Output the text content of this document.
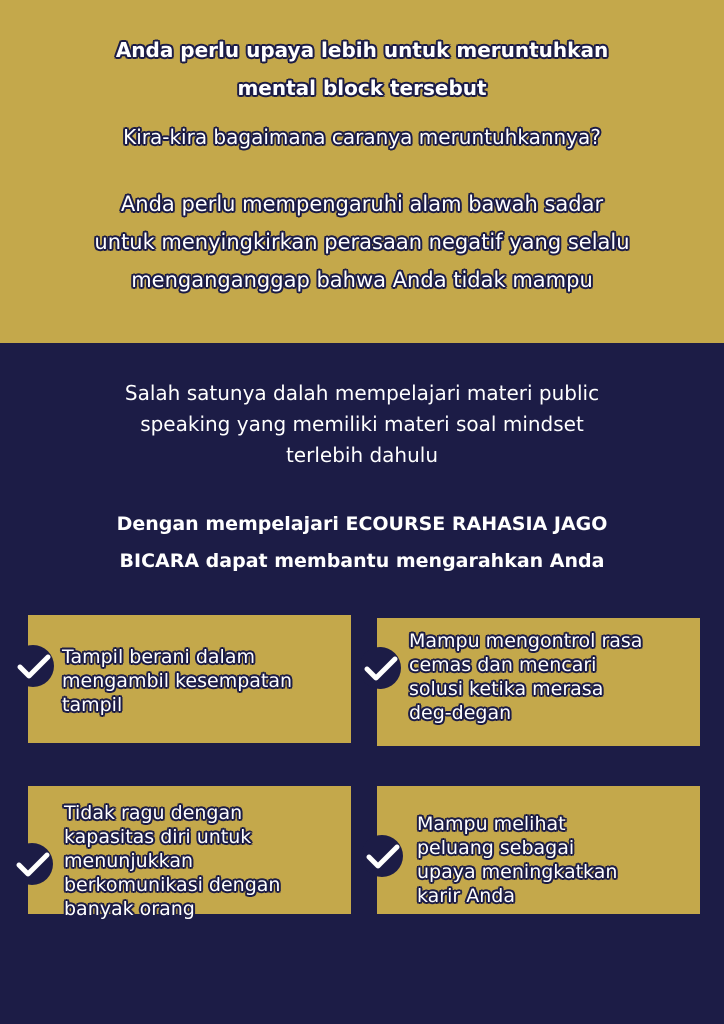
Anda perlu upaya lebih untuk meruntuhkan
mental block tersebut
Kira-kira bagaimana caranya meruntuhkannya?
Anda perlu mempengaruhi alam bawah sadar
untuk menyingkirkan perasaan negatif yang selalu
menganganggap bahwa Anda tidak mampu
Salah satunya dalah mempelajari materi public
speaking yang memiliki materi soal mindset
terlebih dahulu
Dengan mempelajari ECOURSE RAHASIA JAGO
BICARA dapat membantu mengarahkan Anda
Tampil berani dalam
mengambil kesempatan
tampil
Mampu mengontrol rasa
cemas dan mencari
solusi ketika merasa
deg-degan
Tidak ragu dengan
kapasitas diri untuk
menunjukkan
berkomunikasi dengan
banyak orang
Mampu melihat
peluang sebagai
upaya meningkatkan
karir Anda
